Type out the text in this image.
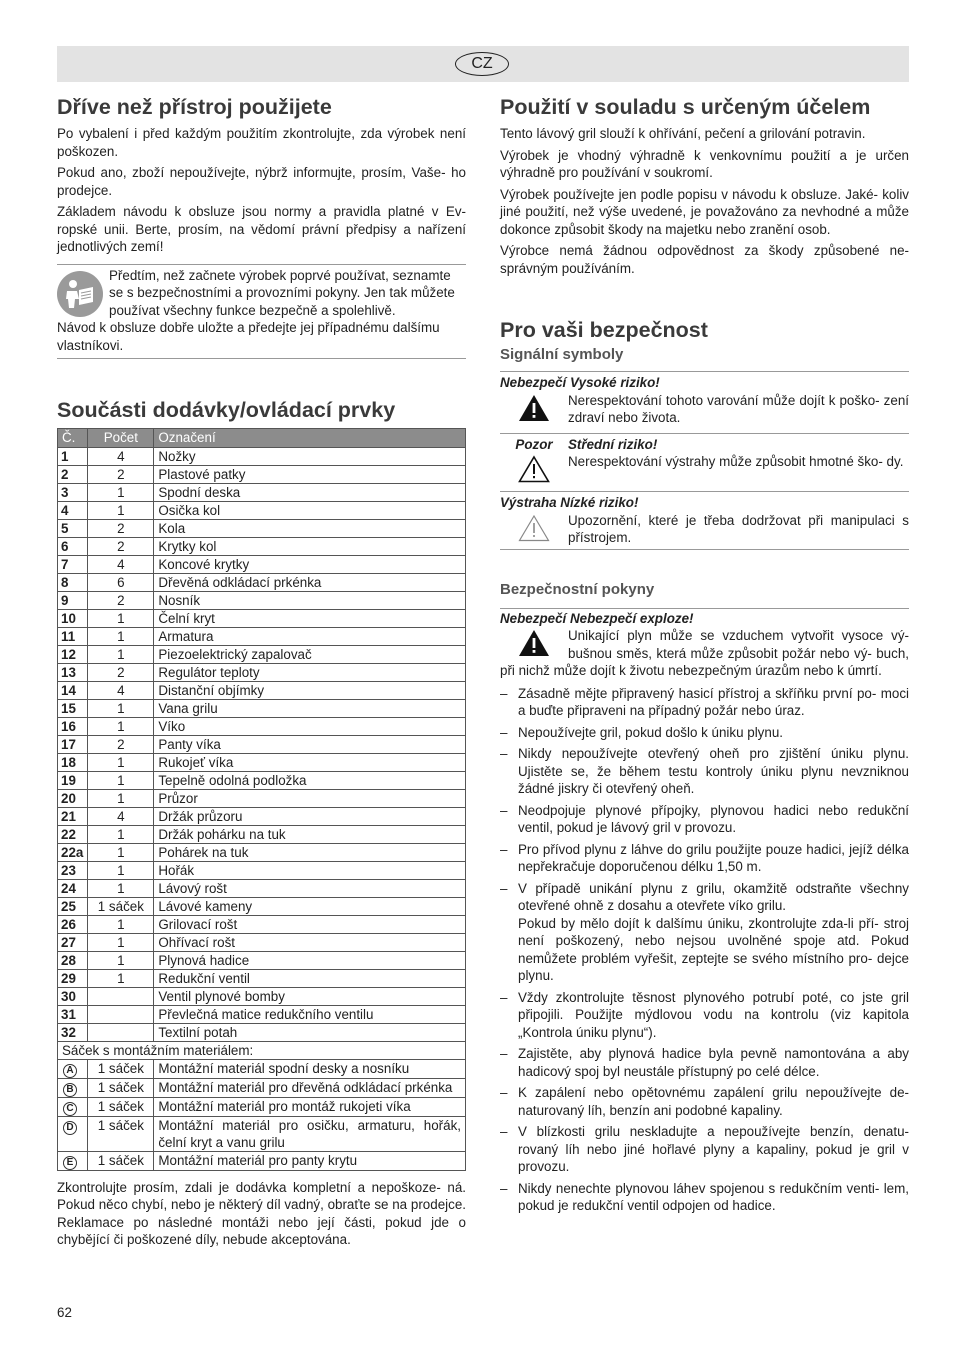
CZ
Dříve než přístroj použijete

Po vybalení i před každým použitím zkontrolujte, zda výrobek není poškozen.

Pokud ano, zboží nepoužívejte, nýbrž informujte, prosím, Vaše- ho prodejce.

Základem návodu k obsluze jsou normy a pravidla platné v Ev- ropské unii. Berte, prosím, na vědomí právní předpisy a nařízení jednotlivých zemí!

Předtím, než začnete výrobek poprvé používat, seznamte se s bezpečnostními a provozními pokyny. Jen tak můžete používat všechny funkce bezpečně a spolehlivě.
Návod k obsluze dobře uložte a předejte jej případnému dalšímu vlastníkovi.
Součásti dodávky/ovládací prvky
Č.	Počet	Označení
1	4	Nožky
2	2	Plastové patky
3	1	Spodní deska
4	1	Osička kol
5	2	Kola
6	2	Krytky kol
7	4	Koncové krytky
8	6	Dřevěná odkládací prkénka
9	2	Nosník
10	1	Čelní kryt
11	1	Armatura
12	1	Piezoelektrický zapalovač
13	2	Regulátor teploty
14	4	Distanční objímky
15	1	Vana grilu
16	1	Víko
17	2	Panty víka
18	1	Rukojeť víka
19	1	Tepelně odolná podložka
20	1	Průzor
21	4	Držák průzoru
22	1	Držák pohárku na tuk
22a	1	Pohárek na tuk
23	1	Hořák
24	1	Lávový rošt
25	1 sáček	Lávové kameny
26	1	Grilovací rošt
27	1	Ohřívací rošt
28	1	Plynová hadice
29	1	Redukční ventil
30		Ventil plynové bomby
31		Převlečná matice redukčního ventilu
32		Textilní potah
Sáček s montážním materiálem:		
A	1 sáček	Montážní materiál spodní desky a nosníku
B	1 sáček	Montážní materiál pro dřevěná odkládací prkénka
C	1 sáček	Montážní materiál pro montáž rukojeti víka
D	1 sáček	Montážní materiál pro osičku, armaturu, hořák, čelní kryt a vanu grilu
E	1 sáček	Montážní materiál pro panty krytu

Zkontrolujte prosím, zdali je dodávka kompletní a nepoškoze- ná. Pokud něco chybí, nebo je některý díl vadný, obraťte se na prodejce. Reklamace po následné montáži nebo její části, pokud jde o chybějící či poškozené díly, nebude akceptována.

Použití v souladu s určeným účelem

Tento lávový gril slouží k ohřívání, pečení a grilování potravin.

Výrobek je vhodný výhradně k venkovnímu použití a je určen výhradně pro používání v soukromí.

Výrobek používejte jen podle popisu v návodu k obsluze. Jaké- koliv jiné použití, než výše uvedené, je považováno za nevhodné a může dokonce způsobit škody na majetku nebo zranění osob.

Výrobce nemá žádnou odpovědnost za škody způsobené ne- správným používáním.

Pro vaši bezpečnost
Signální symboly
Nebezpečí Vysoké riziko!
Nerespektování tohoto varování může dojít k poško- zení zdraví nebo života.
Pozor	Střední riziko!
Nerespektování výstrahy může způsobit hmotné ško- dy.
Výstraha Nízké riziko!
Upozornění, které je třeba dodržovat při manipulaci s přístrojem.
Bezpečnostní pokyny
Nebezpečí Nebezpečí exploze!
Unikající plyn může se vzduchem vytvořit vysoce vý- bušnou směs, která může způsobit požár nebo vý- buch, při nichž může dojít k životu nebezpečným úrazům nebo k úmrtí.
– Zásadně mějte připravený hasicí přístroj a skříňku první po- moci a buďte připraveni na případný požár nebo úraz.
– Nepoužívejte gril, pokud došlo k úniku plynu.
– Nikdy nepoužívejte otevřený oheň pro zjištění úniku plynu. Ujistěte se, že během testu kontroly úniku plynu nevzniknou žádné jiskry či otevřený oheň.
– Neodpojuje plynové přípojky, plynovou hadici nebo redukční ventil, pokud je lávový gril v provozu.
– Pro přívod plynu z láhve do grilu použijte pouze hadici, jejíž délka nepřekračuje doporučenou délku 1,50 m.
– V případě unikání plynu z grilu, okamžitě odstraňte všechny otevřené ohně z dosahu a otevřete víko grilu.
Pokud by mělo dojít k dalšímu úniku, zkontrolujte zda-li pří- stroj není poškozený, nebo nejsou uvolněné spoje atd. Pokud nemůžete problém vyřešit, zeptejte se svého místního pro- dejce plynu.
– Vždy zkontrolujte těsnost plynového potrubí poté, co jste gril připojili. Použijte mýdlovou vodu na kontrolu (viz kapitola „Kontrola úniku plynu“).
– Zajistěte, aby plynová hadice byla pevně namontována a aby hadicový spoj byl neustále přístupný po celé délce.
– K zapálení nebo opětovnému zapálení grilu nepoužívejte de- naturovaný líh, benzín ani podobné kapaliny.
– V blízkosti grilu neskladujte a nepoužívejte benzín, denatu- rovaný líh nebo jiné hořlavé plyny a kapaliny, pokud je gril v provozu.
– Nikdy nenechte plynovou láhev spojenou s redukčním venti- lem, pokud je redukční ventil odpojen od hadice.
62
